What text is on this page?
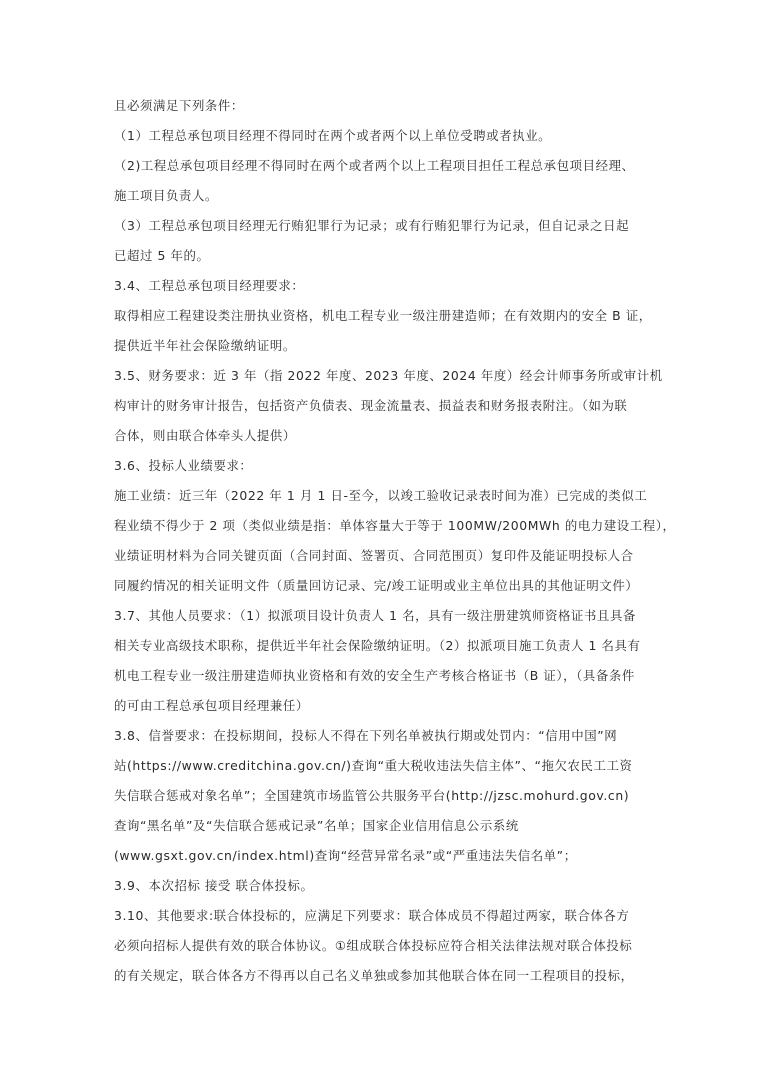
且必须满足下列条件：
（1）工程总承包项目经理不得同时在两个或者两个以上单位受聘或者执业。
（2)工程总承包项目经理不得同时在两个或者两个以上工程项目担任工程总承包项目经理、
施工项目负责人。
（3）工程总承包项目经理无行贿犯罪行为记录；或有行贿犯罪行为记录，但自记录之日起
已超过 5 年的。
3.4、工程总承包项目经理要求：
取得相应工程建设类注册执业资格，机电工程专业一级注册建造师；在有效期内的安全 B 证，
提供近半年社会保险缴纳证明。
3.5、财务要求：近 3 年（指 2022 年度、2023 年度、2024 年度）经会计师事务所或审计机
构审计的财务审计报告，包括资产负债表、现金流量表、损益表和财务报表附注。（如为联
合体，则由联合体牵头人提供）
3.6、投标人业绩要求：
施工业绩：近三年（2022 年 1 月 1 日-至今，以竣工验收记录表时间为准）已完成的类似工
程业绩不得少于 2 项（类似业绩是指：单体容量大于等于 100MW/200MWh 的电力建设工程），
业绩证明材料为合同关键页面（合同封面、签署页、合同范围页）复印件及能证明投标人合
同履约情况的相关证明文件（质量回访记录、完/竣工证明或业主单位出具的其他证明文件）
3.7、其他人员要求：（1）拟派项目设计负责人 1 名，具有一级注册建筑师资格证书且具备
相关专业高级技术职称，提供近半年社会保险缴纳证明。（2）拟派项目施工负责人 1 名具有
机电工程专业一级注册建造师执业资格和有效的安全生产考核合格证书（B 证），（具备条件
的可由工程总承包项目经理兼任）
3.8、信誉要求：在投标期间，投标人不得在下列名单被执行期或处罚内：“信用中国”网
站(https://www.creditchina.gov.cn/)查询“重大税收违法失信主体”、“拖欠农民工工资
失信联合惩戒对象名单”；全国建筑市场监管公共服务平台(http://jzsc.mohurd.gov.cn)
查询“黑名单”及“失信联合惩戒记录”名单；国家企业信用信息公示系统
(www.gsxt.gov.cn/index.html)查询“经营异常名录”或“严重违法失信名单”；
3.9、本次招标 接受 联合体投标。
3.10、其他要求:联合体投标的，应满足下列要求：联合体成员不得超过两家，联合体各方
必须向招标人提供有效的联合体协议。①组成联合体投标应符合相关法律法规对联合体投标
的有关规定，联合体各方不得再以自己名义单独或参加其他联合体在同一工程项目的投标，
